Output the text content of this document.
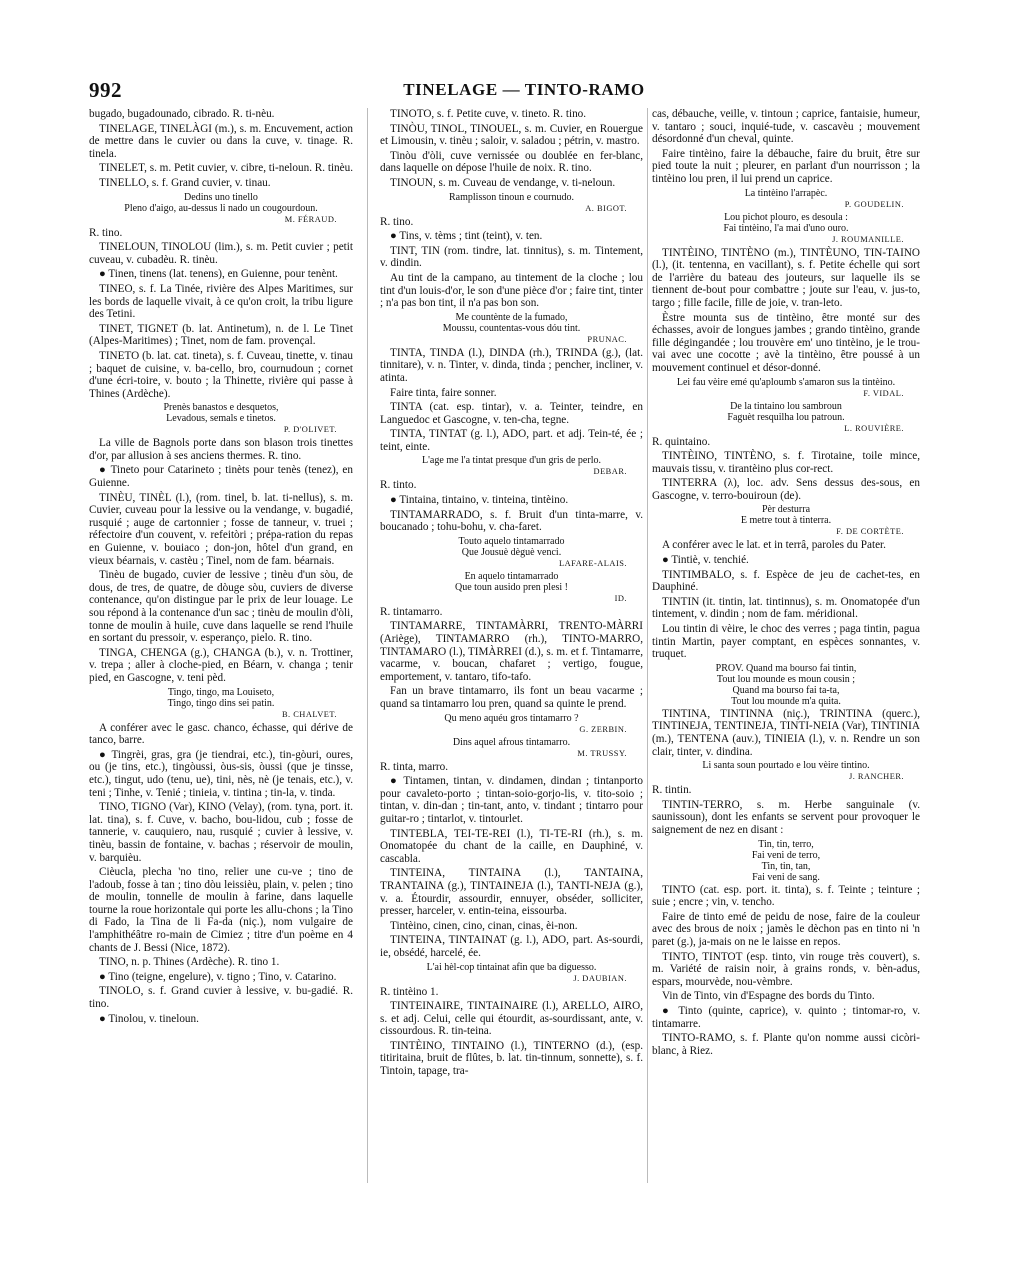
992	TINELAGE — TINTO-RAMO

bugado, bugadounado, cibrado. R. ti-nèu.

TINELAGE, TINELÀGI (m.), s. m. Encuvement, action de mettre dans le cuvier ou dans la cuve, v. tinage. R. tinela.

TINELET, s. m. Petit cuvier, v. cibre, ti-neloun. R. tinèu.

TINELLO, s. f. Grand cuvier, v. tinau.

Dedins uno tinello
Pleno d'aigo, au-dessus li nado un cougourdoun.

M. FÉRAUD.

R. tino.

TINELOUN, TINOLOU (lim.), s. m. Petit cuvier ; petit cuveau, v. cubadèu. R. tinèu.

● Tinen, tinens (lat. tenens), en Guienne, pour tenènt.

TINEO, s. f. La Tinée, rivière des Alpes Maritimes, sur les bords de laquelle vivait, à ce qu'on croit, la tribu ligure des Tetini.

TINET, TIGNET (b. lat. Antinetum), n. de l. Le Tinet (Alpes-Maritimes) ; Tinet, nom de fam. provençal.

TINETO (b. lat. cat. tineta), s. f. Cuveau, tinette, v. tinau ; baquet de cuisine, v. ba-cello, bro, cournudoun ; cornet d'une écri-toire, v. bouto ; la Thinette, rivière qui passe à Thines (Ardèche).

Prenès banastos e desquetos,
Levadous, semals e tinetos.

P. D'OLIVET.

La ville de Bagnols porte dans son blason trois tinettes d'or, par allusion à ses anciens thermes. R. tino.

● Tineto pour Catarineto ; tinèts pour tenès (tenez), en Guienne.

TINÈU, TINÈL (l.), (rom. tinel, b. lat. ti-nellus), s. m. Cuvier, cuveau pour la lessive ou la vendange, v. bugadié, rusquié ; auge de cartonnier ; fosse de tanneur, v. truei ; réfectoire d'un couvent, v. refeitòri ; prépa-ration du repas en Guienne, v. bouiaco ; don-jon, hôtel d'un grand, en vieux béarnais, v. castèu ; Tinel, nom de fam. béarnais.

Tinèu de bugado, cuvier de lessive ; tinèu d'un sòu, de dous, de tres, de quatre, de dòuge sòu, cuviers de diverse contenance, qu'on distingue par le prix de leur louage. Le sou répond à la contenance d'un sac ; tinèu de moulin d'òli, tonne de moulin à huile, cuve dans laquelle se rend l'huile en sortant du pressoir, v. esperanço, pielo. R. tino.

TINGA, CHENGA (g.), CHANGA (b.), v. n. Trottiner, v. trepa ; aller à cloche-pied, en Béarn, v. changa ; tenir pied, en Gascogne, v. teni pèd.

Tingo, tingo, ma Louiseto,
Tingo, tingo dins sei patin.

B. CHALVET.

A conférer avec le gasc. chanco, échasse, qui dérive de tanco, barre.

● Tingrèi, gras, gra (je tiendrai, etc.), tin-gòuri, oures, ou (je tins, etc.), tingòussi, òus-sis, òussi (que je tinsse, etc.), tingut, udo (tenu, ue), tini, nès, nè (je tenais, etc.), v. teni ; Tinhe, v. Tenié ; tinieia, v. tintina ; tin-la, v. tinda.

TINO, TIGNO (Var), KINO (Velay), (rom. tyna, port. it. lat. tina), s. f. Cuve, v. bacho, bou-lidou, cub ; fosse de tannerie, v. cauquiero, nau, rusquié ; cuvier à lessive, v. tinèu, bassin de fontaine, v. bachas ; réservoir de moulin, v. barquièu.

Cièucla, plecha 'no tino, relier une cu-ve ; tino de l'adoub, fosse à tan ; tino dòu leissièu, plain, v. pelen ; tino de moulin, tonnelle de moulin à farine, dans laquelle tourne la roue horizontale qui porte les allu-chons ; la Tino di Fado, la Tina de li Fa-da (niç.), nom vulgaire de l'amphithéâtre ro-main de Cimiez ; titre d'un poème en 4 chants de J. Bessi (Nice, 1872).

TINO, n. p. Thines (Ardèche). R. tino 1.

● Tino (teigne, engelure), v. tigno ; Tino, v. Catarino.

TINOLO, s. f. Grand cuvier à lessive, v. bu-gadié. R. tino.

● Tinolou, v. tineloun.

TINOTO, s. f. Petite cuve, v. tineto. R. tino.

TINÒU, TINOL, TINOUEL, s. m. Cuvier, en Rouergue et Limousin, v. tinèu ; saloir, v. saladou ; pétrin, v. mastro.

Tinòu d'òli, cuve vernissée ou doublée en fer-blanc, dans laquelle on dépose l'huile de noix. R. tino.

TINOUN, s. m. Cuveau de vendange, v. ti-neloun.

Ramplisson tinoun e cournudo.

A. BIGOT.

R. tino.

● Tins, v. tèms ; tint (teint), v. ten.

TINT, TIN (rom. tindre, lat. tinnitus), s. m. Tintement, v. dindin.

Au tint de la campano, au tintement de la cloche ; lou tint d'un louis-d'or, le son d'une pièce d'or ; faire tint, tinter ; n'a pas bon tint, il n'a pas bon son.

Me countènte de la fumado,
Moussu, countentas-vous dóu tint.

PRUNAC.

TINTA, TINDA (l.), DINDA (rh.), TRINDA (g.), (lat. tinnitare), v. n. Tinter, v. dinda, tinda ; pencher, incliner, v. atinta.

Faire tinta, faire sonner.

TINTA (cat. esp. tintar), v. a. Teinter, teindre, en Languedoc et Gascogne, v. ten-cha, tegne.

TINTA, TINTAT (g. l.), ADO, part. et adj. Tein-té, ée ; teint, einte.

L'age me l'a tintat presque d'un gris de perlo.

DEBAR.

R. tinto.

● Tintaina, tintaino, v. tinteina, tintèino.

TINTAMARRADO, s. f. Bruit d'un tinta-marre, v. boucanado ; tohu-bohu, v. cha-faret.

Touto aquelo tintamarrado
Que Jousuè dèguè venci.

LAFARE-ALAIS.

En aquelo tintamarrado
Que toun ausido pren plesi !

ID.

R. tintamarro.

TINTAMARRE, TINTAMÀRRI, TRENTO-MÀRRI (Ariège), TINTAMARRO (rh.), TINTO-MARRO, TINTAMARO (l.), TIMÀRREI (d.), s. m. et f. Tintamarre, vacarme, v. boucan, chafaret ; vertigo, fougue, emportement, v. tantaro, tifo-tafo.

Fan un brave tintamarro, ils font un beau vacarme ; quand sa tintamarro lou pren, quand sa quinte le prend.

Qu meno aquéu gros tintamarro ?

G. ZERBIN.

Dins aquel afrous tintamarro.

M. TRUSSY.

R. tinta, marro.

● Tintamen, tintan, v. dindamen, dindan ; tintanporto pour cavaleto-porto ; tintan-soio-gorjo-lis, v. tito-soio ; tintan, v. din-dan ; tin-tant, anto, v. tindant ; tintarro pour guitar-ro ; tintarlot, v. tintourlet.

TINTEBLA, TEI-TE-REI (l.), TI-TE-RI (rh.), s. m. Onomatopée du chant de la caille, en Dauphiné, v. cascabla.

TINTEINA, TINTAINA (l.), TANTAINA, TRANTAINA (g.), TINTAINEJA (l.), TANTI-NEJA (g.), v. a. Étourdir, assourdir, ennuyer, obséder, solliciter, presser, harceler, v. entin-teina, eissourba.

Tintèino, cinen, cino, cinan, cinas, èi-non.

TINTEINA, TINTAINAT (g. l.), ADO, part. As-sourdi, ie, obsédé, harcelé, ée.

L'ai hèl-cop tintainat afin que ba diguesso.

J. DAUBIAN.

R. tintèino 1.

TINTEINAIRE, TINTAINAIRE (l.), ARELLO, AIRO, s. et adj. Celui, celle qui étourdit, as-sourdissant, ante, v. cissourdous. R. tin-teina.

TINTÈINO, TINTAINO (l.), TINTERNO (d.), (esp. titiritaina, bruit de flûtes, b. lat. tin-tinnum, sonnette), s. f. Tintoin, tapage, tra-

cas, débauche, veille, v. tintoun ; caprice, fantaisie, humeur, v. tantaro ; souci, inquié-tude, v. cascavèu ; mouvement désordonné d'un cheval, quinte.

Faire tintèino, faire la débauche, faire du bruit, être sur pied toute la nuit ; pleurer, en parlant d'un nourrisson ; la tintèino lou pren, il lui prend un caprice.

La tintèino l'arrapèc.

P. GOUDELIN.

Lou pichot plouro, es desoula :
Fai tintèino, l'a mai d'uno ouro.

J. ROUMANILLE.

TINTÈINO, TINTÈNO (m.), TINTÈUNO, TIN-TAINO (l.), (it. tentenna, en vacillant), s. f. Petite échelle qui sort de l'arrière du bateau des jouteurs, sur laquelle ils se tiennent de-bout pour combattre ; joute sur l'eau, v. jus-to, targo ; fille facile, fille de joie, v. tran-leto.

Èstre mounta sus de tintèino, être monté sur des échasses, avoir de longues jambes ; grando tintèino, grande fille dégingandée ; lou trouvère em' uno tintèino, je le trou-vai avec une cocotte ; avè la tintèino, être poussé à un mouvement continuel et désor-donné.

Lei fau vèire emé qu'aploumb s'amaron sus la tintèino.

F. VIDAL.

De la tintaino lou sambroun
Faguèt resquilha lou patroun.

L. ROUVIÈRE.

R. quintaino.

TINTÈINO, TINTÈNO, s. f. Tirotaine, toile mince, mauvais tissu, v. tirantèino plus cor-rect.

TINTERRA (λ), loc. adv. Sens dessus des-sous, en Gascogne, v. terro-bouiroun (de).

Pèr desturra
E metre tout à tinterra.

F. DE CORTÈTE.

A conférer avec le lat. et in terrâ, paroles du Pater.

● Tintiè, v. tenchié.

TINTIMBALO, s. f. Espèce de jeu de cachet-tes, en Dauphiné.

TINTIN (it. tintin, lat. tintinnus), s. m. Onomatopée d'un tintement, v. dindin ; nom de fam. méridional.

Lou tintin di vèire, le choc des verres ; paga tintin, pagua tintin Martin, payer comptant, en espèces sonnantes, v. truquet.

PROV. Quand ma bourso fai tintin,
Tout lou mounde es moun cousin ;
Quand ma bourso fai ta-ta,
Tout lou mounde m'a quita.

TINTINA, TINTINNA (niç.), TRINTINA (querc.), TINTINEJA, TENTINEJA, TINTI-NEIA (Var), TINTINIA (m.), TENTENA (auv.), TINIEIA (l.), v. n. Rendre un son clair, tinter, v. dindina.

Li santa soun pourtado e lou vèire tintino.

J. RANCHER.

R. tintin.

TINTIN-TERRO, s. m. Herbe sanguinale (v. saunissoun), dont les enfants se servent pour provoquer le saignement de nez en disant :

Tin, tin, terro,
Fai veni de terro,
Tin, tin, tan,
Fai veni de sang.

TINTO (cat. esp. port. it. tinta), s. f. Teinte ; teinture ; suie ; encre ; vin, v. tencho.

Faire de tinto emé de peidu de nose, faire de la couleur avec des brous de noix ; jamès le dèchon pas en tinto ni 'n paret (g.), ja-mais on ne le laisse en repos.

TINTO, TINTOT (esp. tinto, vin rouge très couvert), s. m. Variété de raisin noir, à grains ronds, v. bèn-adus, espars, mourvède, nou-vèmbre.

Vin de Tinto, vin d'Espagne des bords du Tinto.

● Tinto (quinte, caprice), v. quinto ; tintomar-ro, v. tintamarre.

TINTO-RAMO, s. f. Plante qu'on nomme aussi cicòri-blanc, à Riez.
